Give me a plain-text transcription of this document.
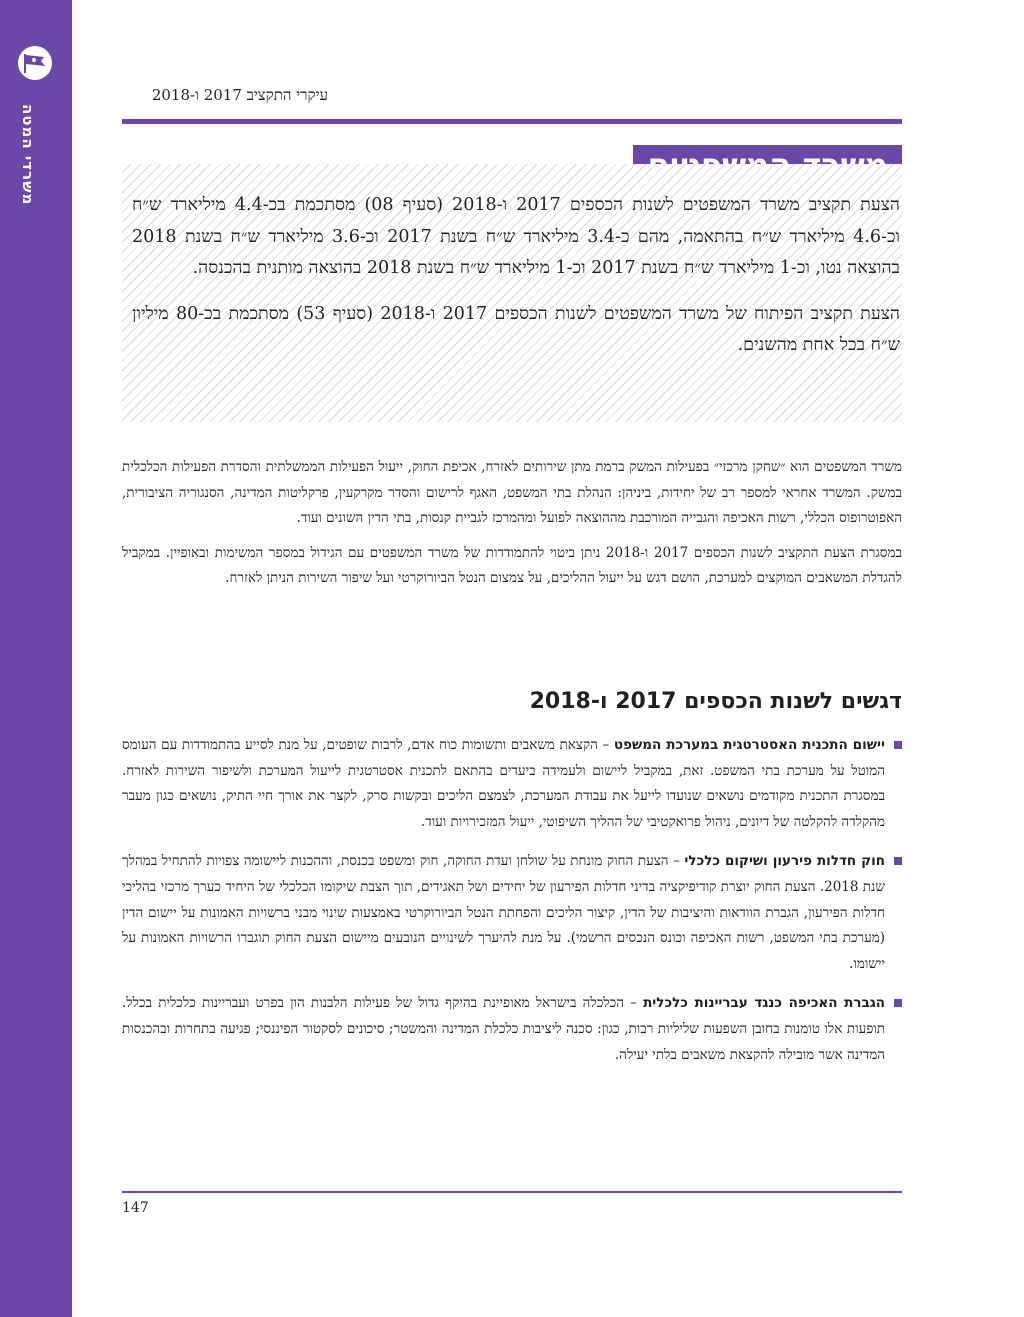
משרדי המטה
עיקרי התקציב 2017 ו-2018

הצעת תקציב משרד המשפטים לשנות הכספים 2017 ו-2018 (סעיף 08) מסתכמת בכ-4.4 מיליארד ש״ח וכ-4.6 מיליארד ש״ח בהתאמה, מהם כ-3.4 מיליארד ש״ח בשנת 2017 וכ-3.6 מיליארד ש״ח בשנת 2018 בהוצאה נטו, וכ-1 מיליארד ש״ח בשנת 2017 וכ-1 מיליארד ש״ח בשנת 2018 בהוצאה מותנית בהכנסה.

הצעת תקציב הפיתוח של משרד המשפטים לשנות הכספים 2017 ו-2018 (סעיף 53) מסתכמת בכ-80 מיליון ש״ח בכל אחת מהשנים.

משרד המשפטים הוא ״שחקן מרכזי״ בפעילות המשק ברמת מתן שירותים לאזרח, אכיפת החוק, ייעול הפעילות הממשלתית והסדרת הפעילות הכלכלית במשק. המשרד אחראי למספר רב של יחידות, ביניהן: הנהלת בתי המשפט, האגף לרישום והסדר מקרקעין, פרקליטות המדינה, הסנגוריה הציבורית, האפוטרופוס הכללי, רשות האכיפה והגבייה המורכבת מההוצאה לפועל ומהמרכז לגביית קנסות, בתי הדין השונים ועוד.

במסגרת הצעת התקציב לשנות הכספים 2017 ו-2018 ניתן ביטוי להתמודדות של משרד המשפטים עם הגידול במספר המשימות ובאופיין. במקביל להגדלת המשאבים המוקצים למערכת, הושם דגש על ייעול ההליכים, על צמצום הנטל הביורוקרטי ועל שיפור השירות הניתן לאזרח.

דגשים לשנות הכספים 2017 ו-2018
יישום התכנית האסטרטגית במערכת המשפט – הקצאת משאבים ותשומות כוח אדם, לרבות שופטים, על מנת לסייע בהתמודדות עם העומס המוטל על מערכת בתי המשפט. זאת, במקביל ליישום ולעמידה ביעדים בהתאם לתכנית אסטרטגית לייעול המערכת ולשיפור השירות לאזרח. במסגרת התכנית מקודמים נושאים שנועדו לייעל את עבודת המערכת, לצמצם הליכים ובקשות סרק, לקצר את אורך חיי התיק, נושאים כגון מעבר מהקלדה להקלטה של דיונים, ניהול פרואקטיבי של ההליך השיפוטי, ייעול המזכירויות ועוד.
חוק חדלות פירעון ושיקום כלכלי – הצעת החוק מונחת על שולחן ועדת החוקה, חוק ומשפט בכנסת, וההכנות ליישומה צפויות להתחיל במהלך שנת 2018. הצעת החוק יוצרת קודיפיקציה בדיני חדלות הפירעון של יחידים ושל תאגידים, תוך הצבת שיקומו הכלכלי של היחיד כערך מרכזי בהליכי חדלות הפירעון, הגברת הוודאות והיציבות של הדין, קיצור הליכים והפחתת הנטל הביורוקרטי באמצעות שינוי מבני ברשויות האמונות על יישום הדין (מערכת בתי המשפט, רשות האכיפה וכונס הנכסים הרשמי). על מנת להיערך לשינויים הנובעים מיישום הצעת החוק תוגברו הרשויות האמונות על יישומו.
הגברת האכיפה כנגד עבריינות כלכלית – הכלכלה בישראל מאופיינת בהיקף גדול של פעילות הלבנות הון בפרט ועבריינות כלכלית בכלל. תופעות אלו טומנות בחובן השפעות שליליות רבות, כגון: סכנה ליציבות כלכלת המדינה והמשטר; סיכונים לסקטור הפיננסי; פגיעה בתחרות ובהכנסות המדינה אשר מובילה להקצאת משאבים בלתי יעילה.
147
